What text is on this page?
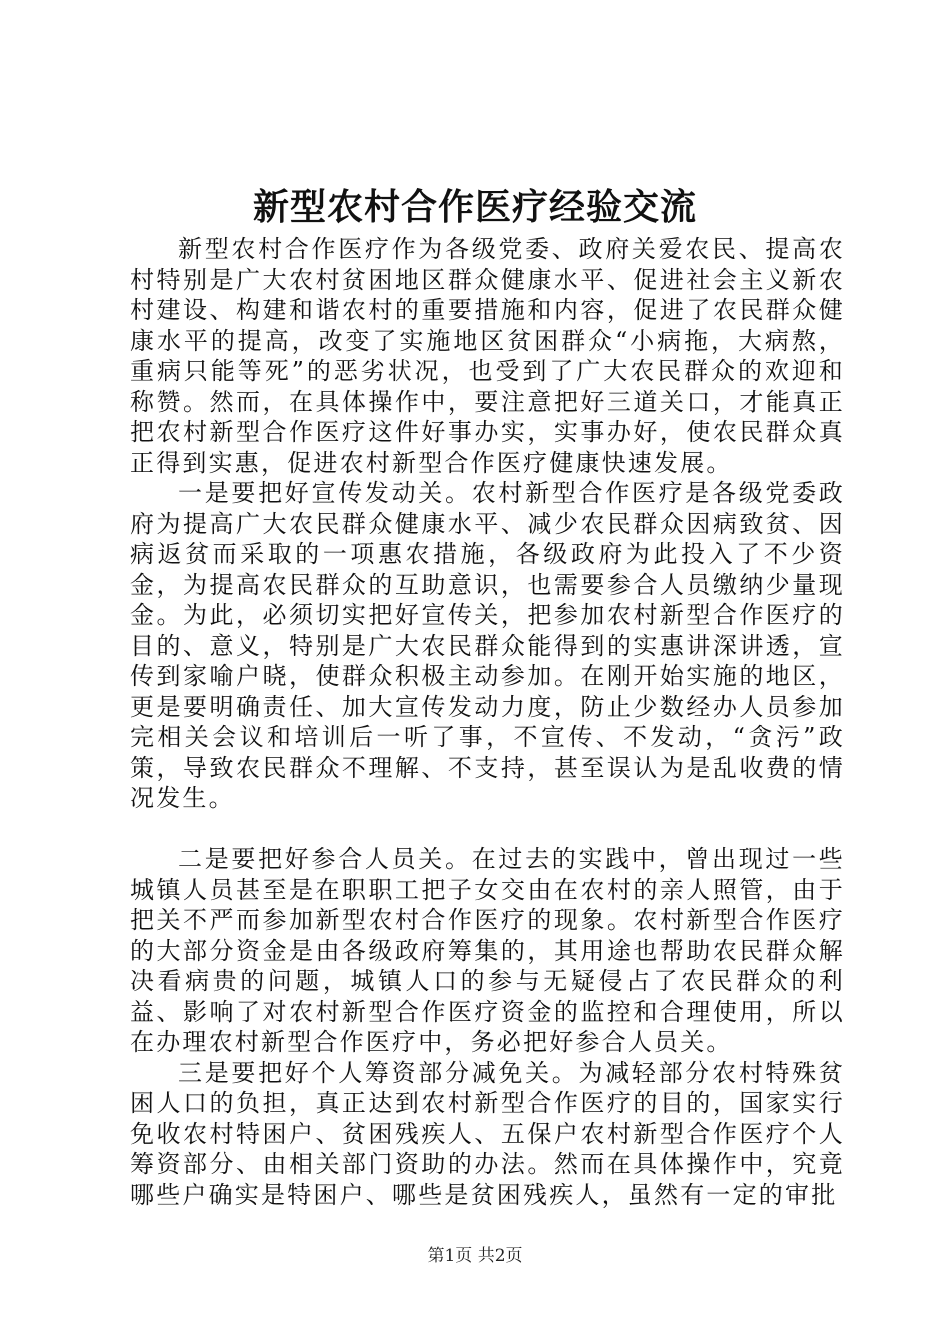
新型农村合作医疗经验交流

新型农村合作医疗作为各级党委、政府关爱农民、提高农村特别是广大农村贫困地区群众健康水平、促进社会主义新农村建设、构建和谐农村的重要措施和内容，促进了农民群众健康水平的提高，改变了实施地区贫困群众“小病拖，大病熬，重病只能等死”的恶劣状况，也受到了广大农民群众的欢迎和称赞。然而，在具体操作中，要注意把好三道关口，才能真正把农村新型合作医疗这件好事办实，实事办好，使农民群众真正得到实惠，促进农村新型合作医疗健康快速发展。

一是要把好宣传发动关。农村新型合作医疗是各级党委政府为提高广大农民群众健康水平、减少农民群众因病致贫、因病返贫而采取的一项惠农措施，各级政府为此投入了不少资金，为提高农民群众的互助意识，也需要参合人员缴纳少量现金。为此，必须切实把好宣传关，把参加农村新型合作医疗的目的、意义，特别是广大农民群众能得到的实惠讲深讲透，宣传到家喻户晓，使群众积极主动参加。在刚开始实施的地区，更是要明确责任、加大宣传发动力度，防止少数经办人员参加完相关会议和培训后一听了事，不宣传、不发动，“贪污”政策，导致农民群众不理解、不支持，甚至误认为是乱收费的情况发生。

二是要把好参合人员关。在过去的实践中，曾出现过一些城镇人员甚至是在职职工把子女交由在农村的亲人照管，由于把关不严而参加新型农村合作医疗的现象。农村新型合作医疗的大部分资金是由各级政府筹集的，其用途也帮助农民群众解决看病贵的问题，城镇人口的参与无疑侵占了农民群众的利益、影响了对农村新型合作医疗资金的监控和合理使用，所以在办理农村新型合作医疗中，务必把好参合人员关。

三是要把好个人筹资部分减免关。为减轻部分农村特殊贫困人口的负担，真正达到农村新型合作医疗的目的，国家实行免收农村特困户、贫困残疾人、五保户农村新型合作医疗个人筹资部分、由相关部门资助的办法。然而在具体操作中，究竟哪些户确实是特困户、哪些是贫困残疾人，虽然有一定的审批

第1页 共2页
